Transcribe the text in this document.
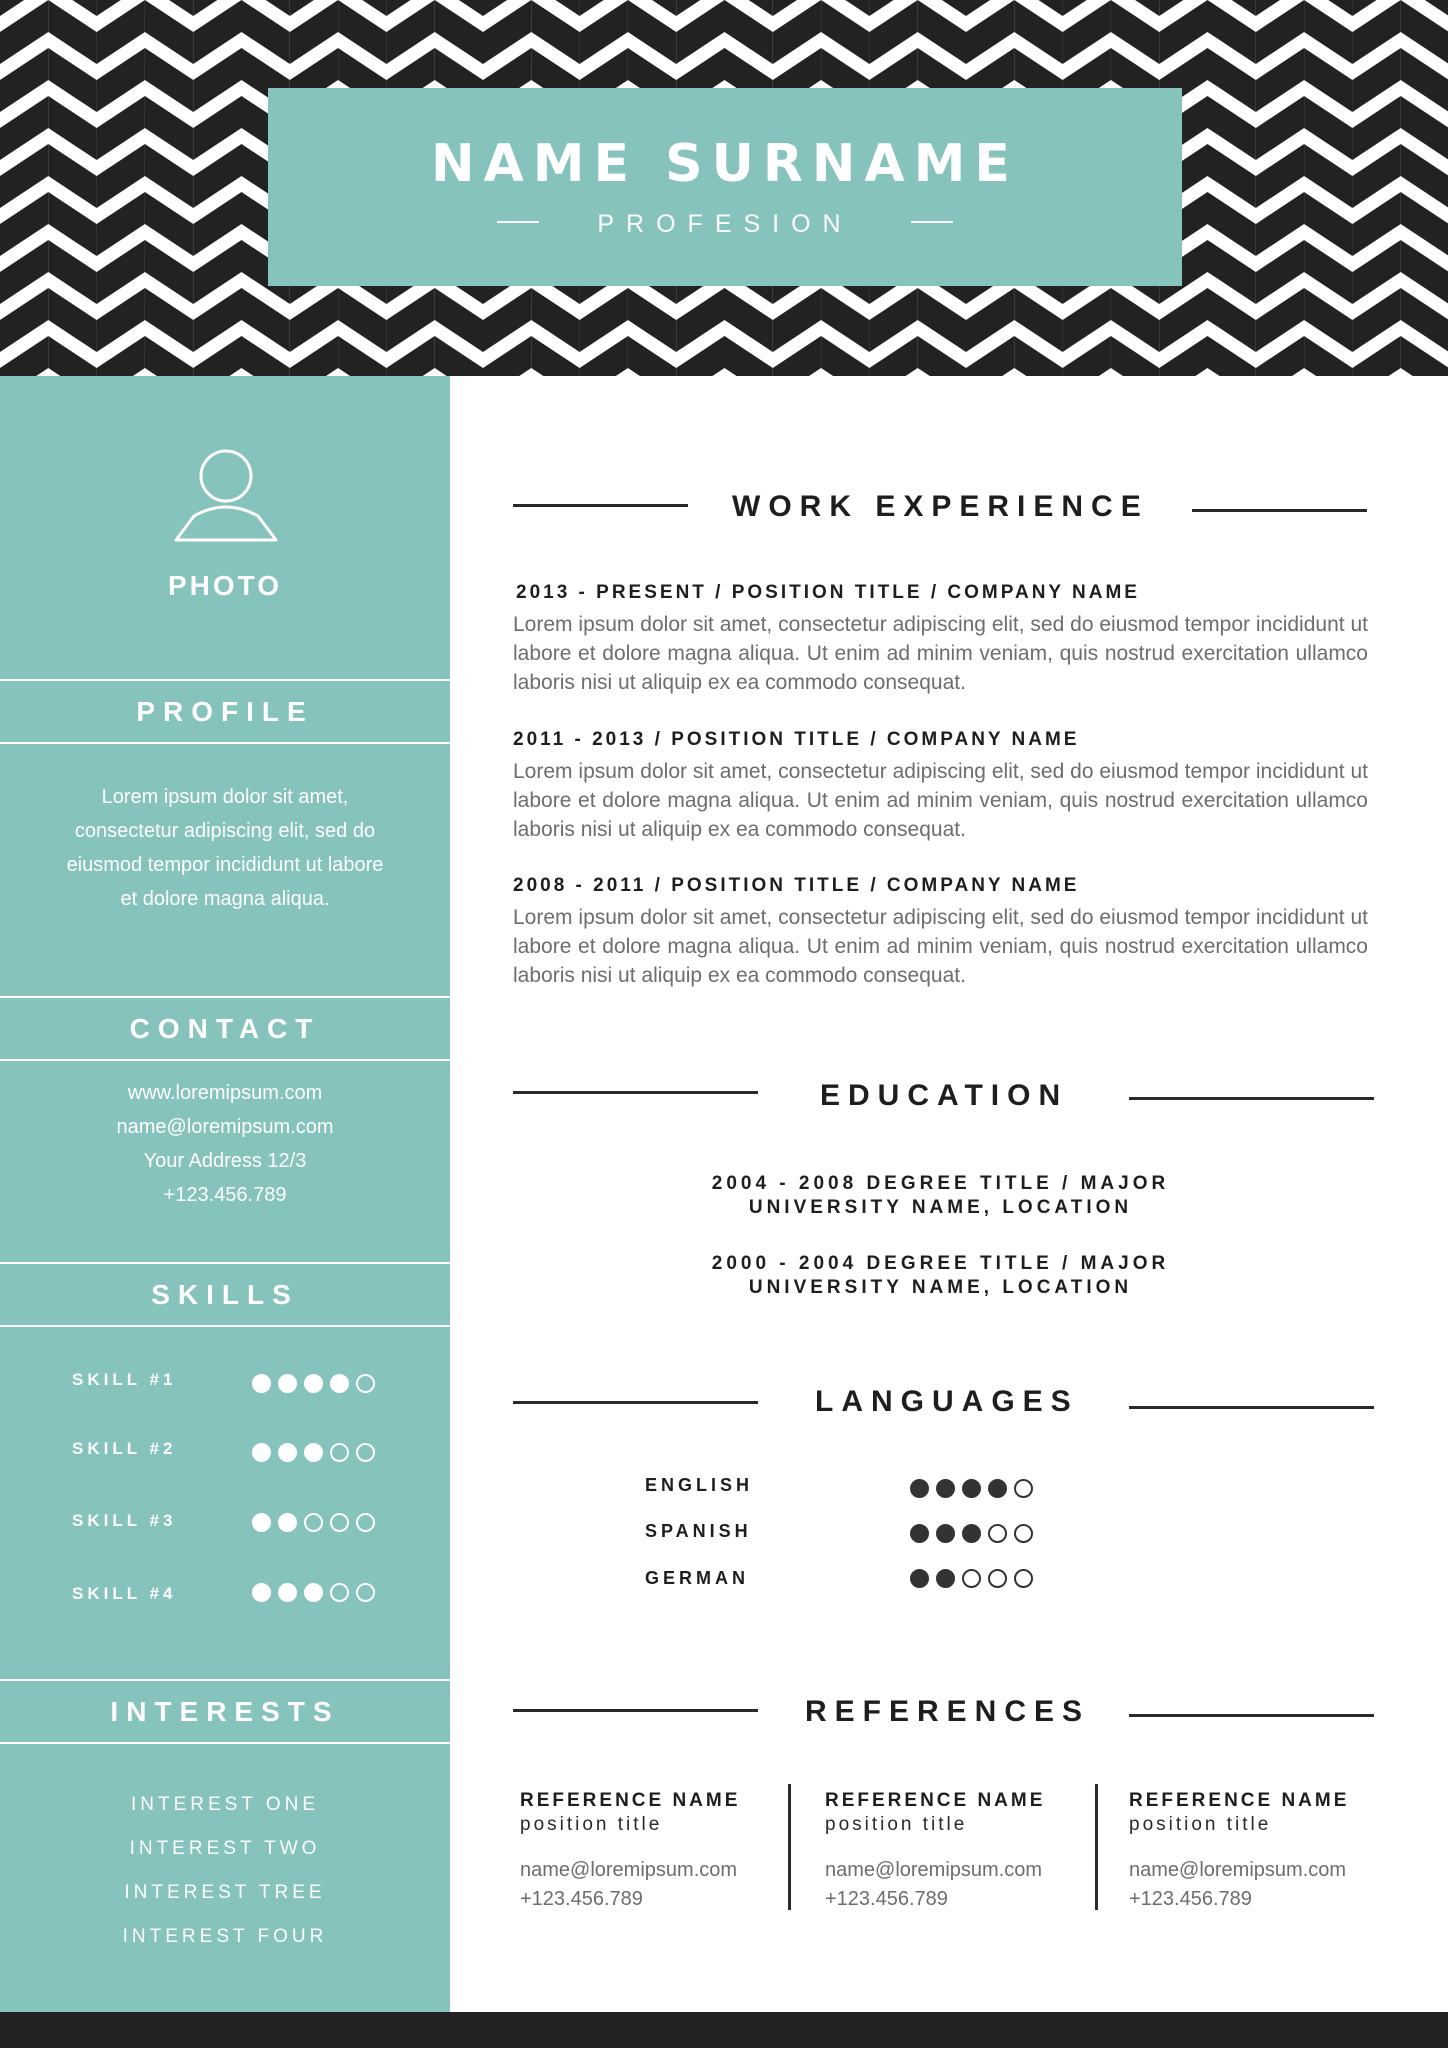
NAME SURNAME
PROFESION
PHOTO
PROFILE
Lorem ipsum dolor sit amet, consectetur adipiscing elit, sed do eiusmod tempor incididunt ut labore et dolore magna aliqua.
CONTACT
www.loremipsum.com
name@loremipsum.com
Your Address 12/3
+123.456.789
SKILLS
SKILL #1
SKILL #2
SKILL #3
SKILL #4
INTERESTS
INTEREST ONE
INTEREST TWO
INTEREST TREE
INTEREST FOUR
WORK EXPERIENCE
2013 - PRESENT / POSITION TITLE / COMPANY NAME
Lorem ipsum dolor sit amet, consectetur adipiscing elit, sed do eiusmod tempor incididunt ut labore et dolore magna aliqua. Ut enim ad minim veniam, quis nostrud exercitation ullamco laboris nisi ut aliquip ex ea commodo consequat.
2011 - 2013 / POSITION TITLE / COMPANY NAME
Lorem ipsum dolor sit amet, consectetur adipiscing elit, sed do eiusmod tempor incididunt ut labore et dolore magna aliqua. Ut enim ad minim veniam, quis nostrud exercitation ullamco laboris nisi ut aliquip ex ea commodo consequat.
2008 - 2011 / POSITION TITLE / COMPANY NAME
Lorem ipsum dolor sit amet, consectetur adipiscing elit, sed do eiusmod tempor incididunt ut labore et dolore magna aliqua. Ut enim ad minim veniam, quis nostrud exercitation ullamco laboris nisi ut aliquip ex ea commodo consequat.
EDUCATION
2004 - 2008 DEGREE TITLE / MAJOR
UNIVERSITY NAME, LOCATION
2000 - 2004 DEGREE TITLE / MAJOR
UNIVERSITY NAME, LOCATION
LANGUAGES
ENGLISH
SPANISH
GERMAN
REFERENCES
REFERENCE NAME
position title
name@loremipsum.com
+123.456.789
REFERENCE NAME
position title
name@loremipsum.com
+123.456.789
REFERENCE NAME
position title
name@loremipsum.com
+123.456.789
